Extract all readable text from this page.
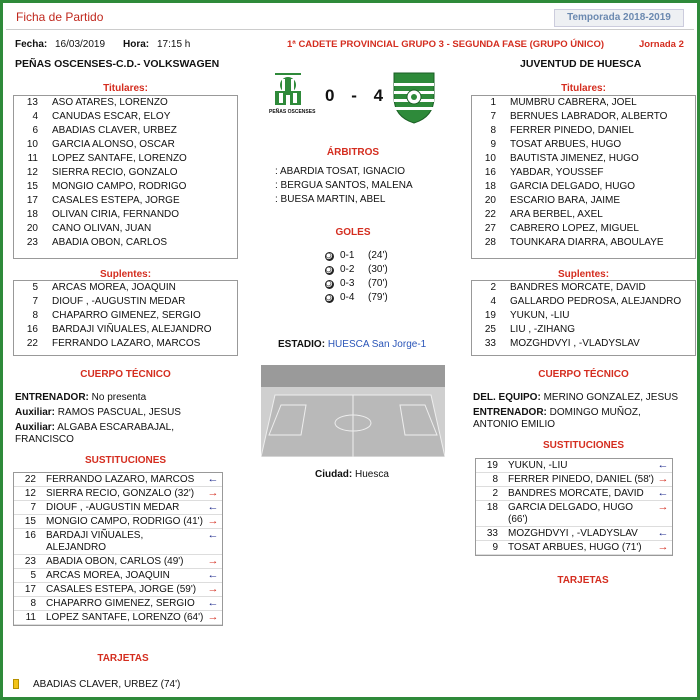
Ficha de Partido	Temporada 2018-2019
Fecha: 16/03/2019 Hora: 17:15 h	1ª CADETE PROVINCIAL GRUPO 3 - SEGUNDA FASE (GRUPO ÚNICO)	Jornada 2
PEÑAS OSCENSES-C.D.- VOLKSWAGEN	JUVENTUD DE HUESCA
PEÑAS OSCENSES
0 - 4
Titulares:	Titulares:
13	ASO ATARES, LORENZO
4	CANUDAS ESCAR, ELOY
6	ABADIAS CLAVER, URBEZ
10	GARCIA ALONSO, OSCAR
11	LOPEZ SANTAFE, LORENZO
12	SIERRA RECIO, GONZALO
15	MONGIO CAMPO, RODRIGO
17	CASALES ESTEPA, JORGE
18	OLIVAN CIRIA, FERNANDO
20	CANO OLIVAN, JUAN
23	ABADIA OBON, CARLOS
1	MUMBRU CABRERA, JOEL
7	BERNUES LABRADOR, ALBERTO
8	FERRER PINEDO, DANIEL
9	TOSAT ARBUES, HUGO
10	BAUTISTA JIMENEZ, HUGO
16	YABDAR, YOUSSEF
18	GARCIA DELGADO, HUGO
20	ESCARIO BARA, JAIME
22	ARA BERBEL, AXEL
27	CABRERO LOPEZ, MIGUEL
28	TOUNKARA DIARRA, ABOULAYE
Suplentes:	Suplentes:
5	ARCAS MOREA, JOAQUIN
7	DIOUF , -AUGUSTIN MEDAR
8	CHAPARRO GIMENEZ, SERGIO
16	BARDAJI VIÑUALES, ALEJANDRO
22	FERRANDO LAZARO, MARCOS
2	BANDRES MORCATE, DAVID
4	GALLARDO PEDROSA, ALEJANDRO
19	YUKUN, -LIU
25	LIU , -ZIHANG
33	MOZGHDVYI , -VLADYSLAV
ÁRBITROS
: ABARDIA TOSAT, IGNACIO
: BERGUA SANTOS, MALENA
: BUESA MARTIN, ABEL
GOLES
0-1	(24')
0-2	(30')
0-3	(70')
0-4	(79')
ESTADIO: HUESCA San Jorge-1
Ciudad: Huesca
CUERPO TÉCNICO
ENTRENADOR: No presenta
Auxiliar: RAMOS PASCUAL, JESUS
Auxiliar: ALGABA ESCARABAJAL,
FRANCISCO
CUERPO TÉCNICO
DEL. EQUIPO: MERINO GONZALEZ, JESUS
ENTRENADOR: DOMINGO MUÑOZ,
ANTONIO EMILIO
SUSTITUCIONES
22	FERRANDO LAZARO, MARCOS	←
12	SIERRA RECIO, GONZALO (32')	→
7	DIOUF , -AUGUSTIN MEDAR	←
15	MONGIO CAMPO, RODRIGO (41') →
16	BARDAJI VIÑUALES, ALEJANDRO
←
23	ABADIA OBON, CARLOS (49')	→
5	ARCAS MOREA, JOAQUIN	←
17	CASALES ESTEPA, JORGE (59')	→
8	CHAPARRO GIMENEZ, SERGIO	←
11	LOPEZ SANTAFE, LORENZO (64') →
SUSTITUCIONES
19	YUKUN, -LIU	←
8	FERRER PINEDO, DANIEL (58') →
2	BANDRES MORCATE, DAVID	←
18	GARCIA DELGADO, HUGO (66')
→
33	MOZGHDVYI , -VLADYSLAV	←
9	TOSAT ARBUES, HUGO (71')	→
TARJETAS
TARJETAS
ABADIAS CLAVER, URBEZ (74')
